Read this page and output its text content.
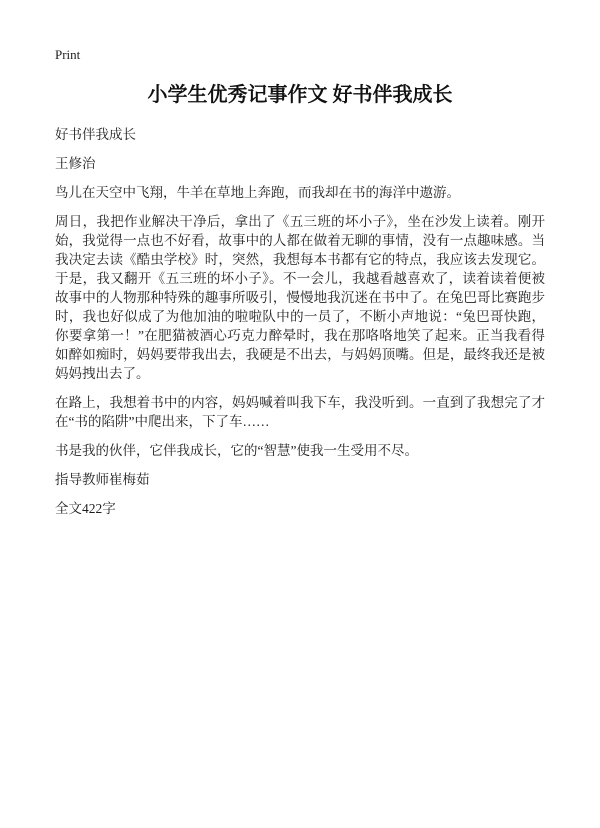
Print
小学生优秀记事作文 好书伴我成长

好书伴我成长

王修治

鸟儿在天空中飞翔，牛羊在草地上奔跑，而我却在书的海洋中遨游。

周日，我把作业解决干净后，拿出了《五三班的坏小子》，坐在沙发上读着。刚开始，我觉得一点也不好看，故事中的人都在做着无聊的事情，没有一点趣味感。当我决定去读《酷虫学校》时，突然，我想每本书都有它的特点，我应该去发现它。于是，我又翻开《五三班的坏小子》。不一会儿，我越看越喜欢了，读着读着便被故事中的人物那种特殊的趣事所吸引，慢慢地我沉迷在书中了。在兔巴哥比赛跑步时，我也好似成了为他加油的啦啦队中的一员了，不断小声地说：“兔巴哥快跑，你要拿第一！”在肥猫被酒心巧克力醉晕时，我在那咯咯地笑了起来。正当我看得如醉如痴时，妈妈要带我出去，我硬是不出去，与妈妈顶嘴。但是，最终我还是被妈妈拽出去了。

在路上，我想着书中的内容，妈妈喊着叫我下车，我没听到。一直到了我想完了才在“书的陷阱”中爬出来，下了车……

书是我的伙伴，它伴我成长，它的“智慧”使我一生受用不尽。

指导教师崔梅茹

全文422字
